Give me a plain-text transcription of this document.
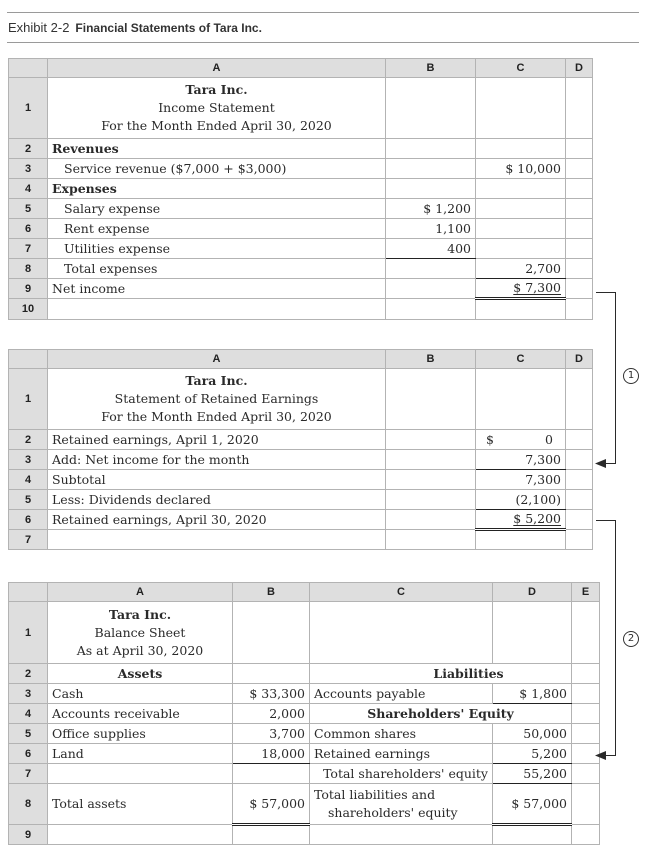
Exhibit 2-2 Financial Statements of Tara Inc.
	A	B	C	D
1	Tara Inc.
Income Statement
For the Month Ended April 30, 2020			

2	Revenues			
3	Service revenue ($7,000 + $3,000)		$ 10,000	
4	Expenses			
5	Salary expense	$ 1,200		
6	Rent expense	1,100		
7	Utilities expense	400		
8	Total expenses		2,700	
9	Net income		$ 7,300	
10				
	A	B	C	D
1	Tara Inc.
Statement of Retained Earnings
For the Month Ended April 30, 2020			

2	Retained earnings, April 1, 2020		$ 0	
3	Add: Net income for the month		7,300	
4	Subtotal		7,300	
5	Less: Dividends declared		(2,100)	
6	Retained earnings, April 30, 2020		$ 5,200	
7				
	A	B	C	D	E
1	Tara Inc.
Balance Sheet
As at April 30, 2020				

2	Assets		Liabilities		
3	Cash	$ 33,300	Accounts payable	$ 1,800	
4	Accounts receivable	2,000	Shareholders' Equity		
5	Office supplies	3,700	Common shares	50,000	
6	Land	18,000	Retained earnings	5,200	
7			Total shareholders' equity	55,200	
8	Total assets	$ 57,000	Total liabilities and
shareholders' equity	$ 57,000	
9					
1
2
